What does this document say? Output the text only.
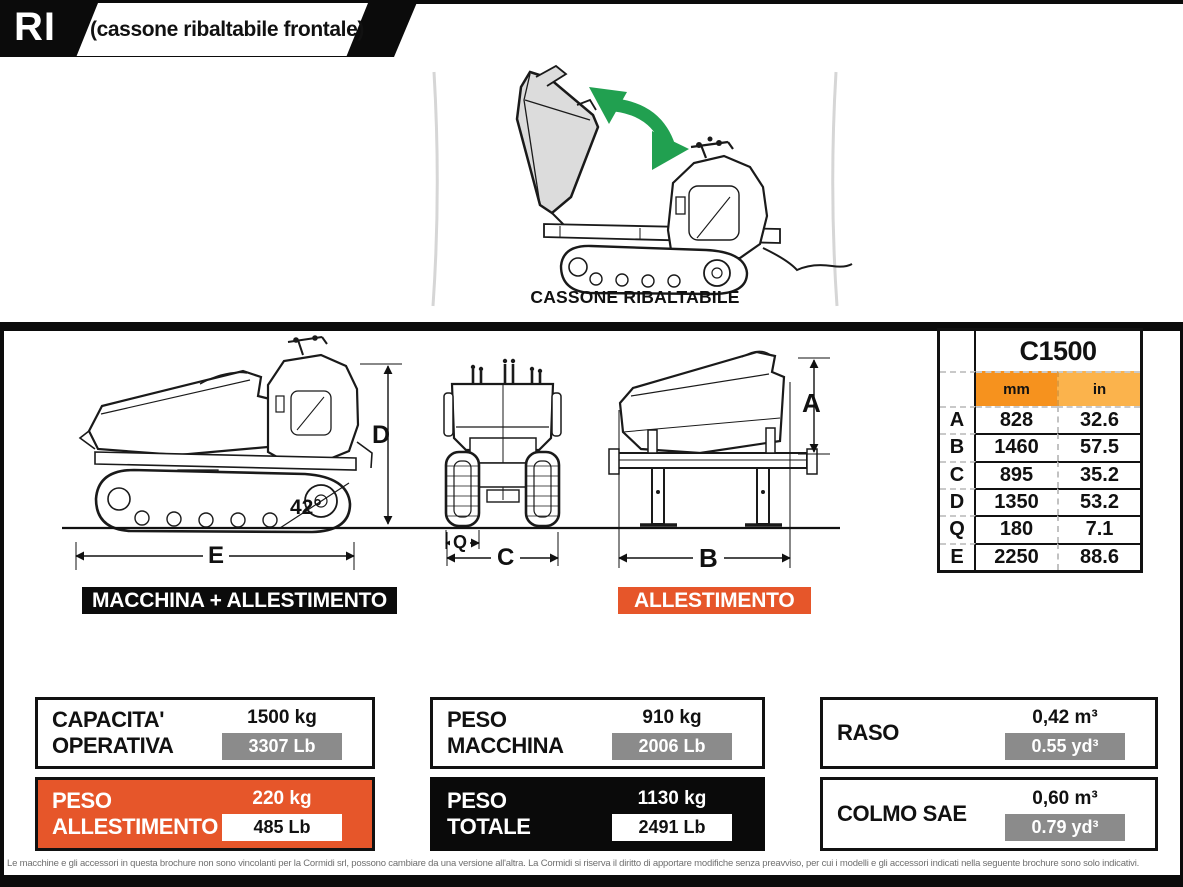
RI (cassone ribaltabile frontale)
CASSONE RIBALTABILE
D
E
42°
Q
C
A
B
MACCHINA + ALLESTIMENTO	ALLESTIMENTO
C1500
mm	in
A	828	32.6
B	1460	57.5
C	895	35.2
D	1350	53.2
Q	180	7.1
E	2250	88.6
CAPACITA'
OPERATIVA
1500 kg
3307 Lb
PESO
ALLESTIMENTO
220 kg
485 Lb
PESO
MACCHINA
910 kg
2006 Lb
PESO
TOTALE
1130 kg
2491 Lb
RASO
0,42 m³
0.55 yd³
COLMO SAE
0,60 m³
0.79 yd³
Le macchine e gli accessori in questa brochure non sono vincolanti per la Cormidi srl, possono cambiare da una versione all'altra. La Cormidi si riserva il diritto di apportare modifiche senza preavviso, per cui i modelli e gli accessori indicati nella seguente brochure sono solo indicativi.
